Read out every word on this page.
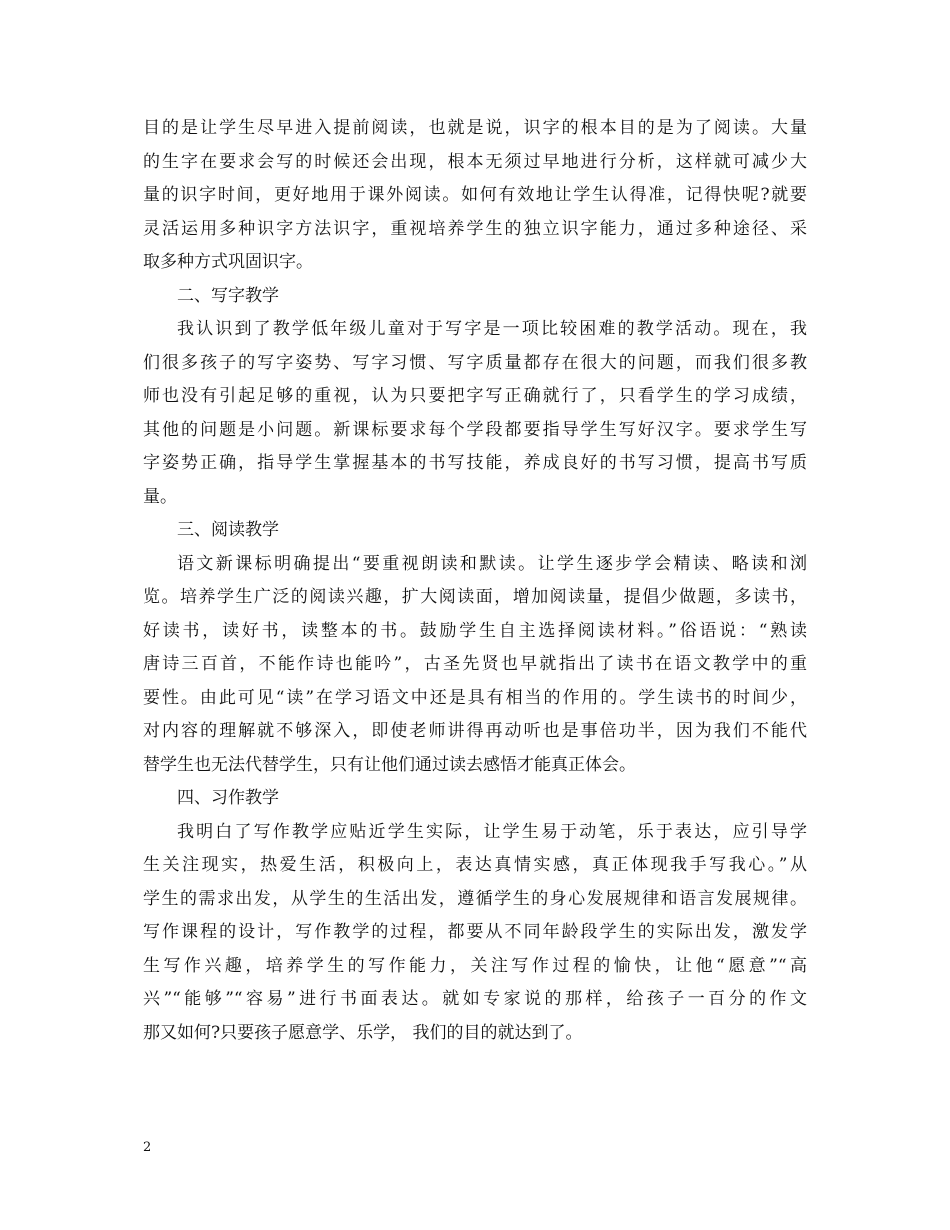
目的是让学生尽早进入提前阅读，也就是说，识字的根本目的是为了阅读。大量
的生字在要求会写的时候还会出现，根本无须过早地进行分析，这样就可减少大
量的识字时间，更好地用于课外阅读。如何有效地让学生认得准，记得快呢?就要
灵活运用多种识字方法识字，重视培养学生的独立识字能力，通过多种途径、采
取多种方式巩固识字。
二、写字教学
我认识到了教学低年级儿童对于写字是一项比较困难的教学活动。现在，我
们很多孩子的写字姿势、写字习惯、写字质量都存在很大的问题，而我们很多教
师也没有引起足够的重视，认为只要把字写正确就行了，只看学生的学习成绩，
其他的问题是小问题。新课标要求每个学段都要指导学生写好汉字。要求学生写
字姿势正确，指导学生掌握基本的书写技能，养成良好的书写习惯，提高书写质
量。
三、阅读教学
语文新课标明确提出“要重视朗读和默读。让学生逐步学会精读、略读和浏
览。培养学生广泛的阅读兴趣，扩大阅读面，增加阅读量，提倡少做题，多读书，
好读书，读好书，读整本的书。鼓励学生自主选择阅读材料。”俗语说：“熟读
唐诗三百首，不能作诗也能吟”，古圣先贤也早就指出了读书在语文教学中的重
要性。由此可见“读”在学习语文中还是具有相当的作用的。学生读书的时间少，
对内容的理解就不够深入，即使老师讲得再动听也是事倍功半，因为我们不能代
替学生也无法代替学生，只有让他们通过读去感悟才能真正体会。
四、习作教学
我明白了写作教学应贴近学生实际，让学生易于动笔，乐于表达，应引导学
生关注现实，热爱生活，积极向上，表达真情实感，真正体现我手写我心。”从
学生的需求出发，从学生的生活出发，遵循学生的身心发展规律和语言发展规律。
写作课程的设计，写作教学的过程，都要从不同年龄段学生的实际出发，激发学
生写作兴趣，培养学生的写作能力，关注写作过程的愉快，让他“愿意”“高
兴”“能够”“容易”进行书面表达。就如专家说的那样，给孩子一百分的作文
那又如何?只要孩子愿意学、乐学， 我们的目的就达到了。
2
